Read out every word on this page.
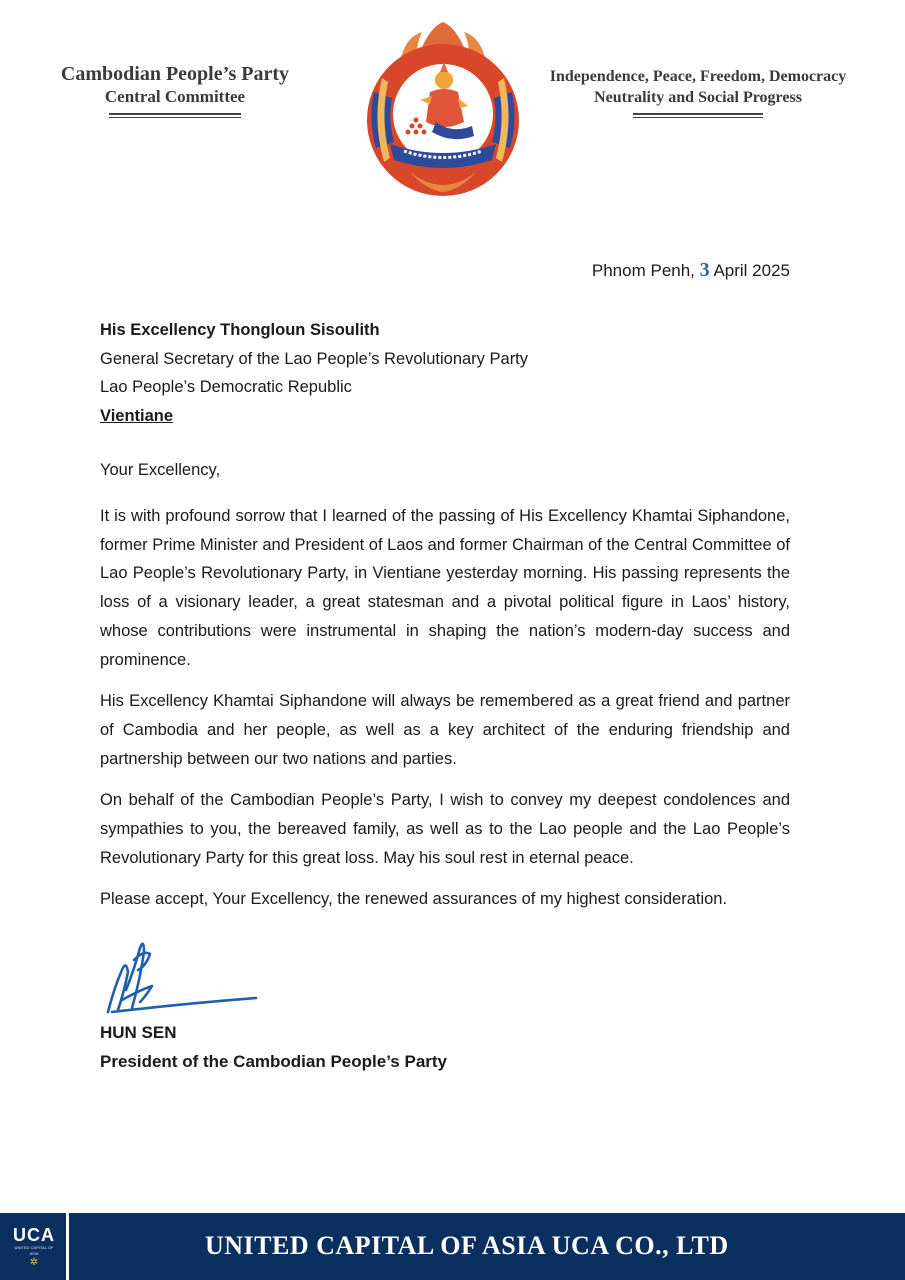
Cambodian People’s Party
Central Committee
Independence, Peace, Freedom, Democracy
Neutrality and Social Progress
Phnom Penh, 3 April 2025
His Excellency Thongloun Sisoulith
General Secretary of the Lao People’s Revolutionary Party
Lao People’s Democratic Republic
Vientiane
Your Excellency,

It is with profound sorrow that I learned of the passing of His Excellency Khamtai Siphandone, former Prime Minister and President of Laos and former Chairman of the Central Committee of Lao People’s Revolutionary Party, in Vientiane yesterday morning. His passing represents the loss of a visionary leader, a great statesman and a pivotal political figure in Laos’ history, whose contributions were instrumental in shaping the nation’s modern-day success and prominence.

His Excellency Khamtai Siphandone will always be remembered as a great friend and partner of Cambodia and her people, as well as a key architect of the enduring friendship and partnership between our two nations and parties.

On behalf of the Cambodian People’s Party, I wish to convey my deepest condolences and sympathies to you, the bereaved family, as well as to the Lao people and the Lao People’s Revolutionary Party for this great loss. May his soul rest in eternal peace.

Please accept, Your Excellency, the renewed assurances of my highest consideration.

HUN SEN
President of the Cambodian People’s Party
UCA
UNITED CAPITAL OF ASIA
✲
UNITED CAPITAL OF ASIA UCA CO., LTD
